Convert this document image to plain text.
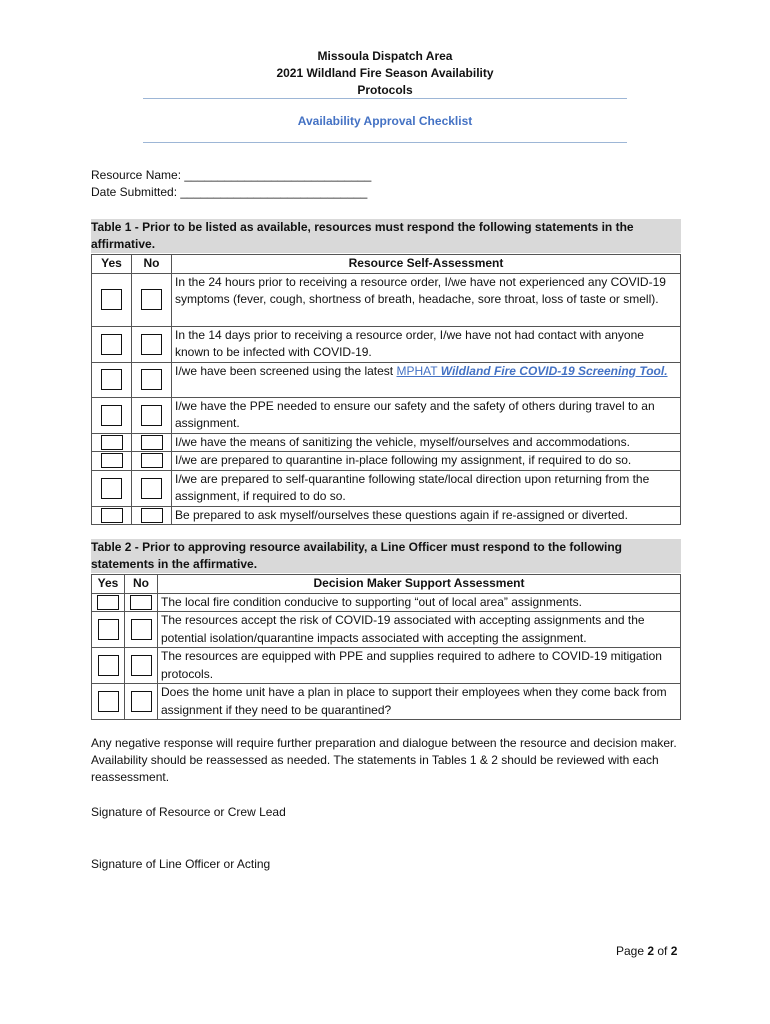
Missoula Dispatch Area
2021 Wildland Fire Season Availability
Protocols
Availability Approval Checklist
Resource Name: ____________________________
Date Submitted: ____________________________
Table 1 - Prior to be listed as available, resources must respond the following statements in the affirmative.
Yes	No	Resource Self-Assessment
		In the 24 hours prior to receiving a resource order, I/we have not experienced any COVID-19 symptoms (fever, cough, shortness of breath, headache, sore throat, loss of taste or smell).
		In the 14 days prior to receiving a resource order, I/we have not had contact with anyone known to be infected with COVID-19.
		I/we have been screened using the latest MPHAT Wildland Fire COVID-19 Screening Tool.
		I/we have the PPE needed to ensure our safety and the safety of others during travel to an assignment.
		I/we have the means of sanitizing the vehicle, myself/ourselves and accommodations.
		I/we are prepared to quarantine in-place following my assignment, if required to do so.
		I/we are prepared to self-quarantine following state/local direction upon returning from the assignment, if required to do so.
		Be prepared to ask myself/ourselves these questions again if re-assigned or diverted.
Table 2 - Prior to approving resource availability, a Line Officer must respond to the following statements in the affirmative.
Yes	No	Decision Maker Support Assessment
		The local fire condition conducive to supporting “out of local area” assignments.
		The resources accept the risk of COVID-19 associated with accepting assignments and the potential isolation/quarantine impacts associated with accepting the assignment.
		The resources are equipped with PPE and supplies required to adhere to COVID-19 mitigation protocols.
		Does the home unit have a plan in place to support their employees when they come back from assignment if they need to be quarantined?
Any negative response will require further preparation and dialogue between the resource and decision maker. Availability should be reassessed as needed. The statements in Tables 1 & 2 should be reviewed with each reassessment.
Signature of Resource or Crew Lead
Signature of Line Officer or Acting
Page 2 of 2
